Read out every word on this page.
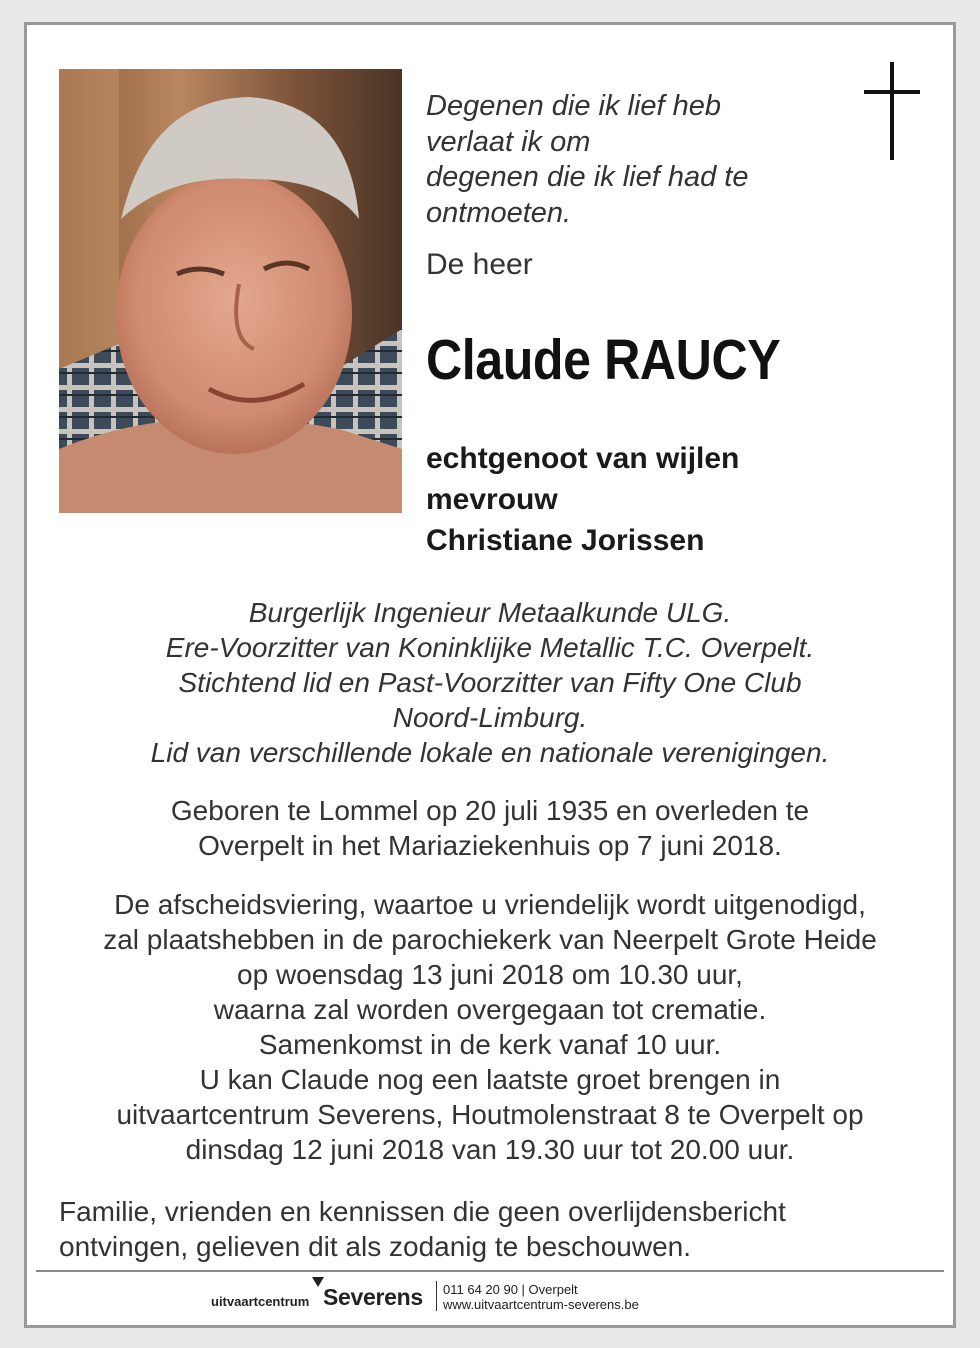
Degenen die ik lief heb
verlaat ik om
degenen die ik lief had te
ontmoeten.
De heer
Claude RAUCY
echtgenoot van wijlen
mevrouw
Christiane Jorissen
Burgerlijk Ingenieur Metaalkunde ULG.
Ere-Voorzitter van Koninklijke Metallic T.C. Overpelt.
Stichtend lid en Past-Voorzitter van Fifty One Club
Noord-Limburg.
Lid van verschillende lokale en nationale verenigingen.
Geboren te Lommel op 20 juli 1935 en overleden te
Overpelt in het Mariaziekenhuis op 7 juni 2018.
De afscheidsviering, waartoe u vriendelijk wordt uitgenodigd,
zal plaatshebben in de parochiekerk van Neerpelt Grote Heide
op woensdag 13 juni 2018 om 10.30 uur,
waarna zal worden overgegaan tot crematie.
Samenkomst in de kerk vanaf 10 uur.
U kan Claude nog een laatste groet brengen in
uitvaartcentrum Severens, Houtmolenstraat 8 te Overpelt op
dinsdag 12 juni 2018 van 19.30 uur tot 20.00 uur.
Familie, vrienden en kennissen die geen overlijdensbericht
ontvingen, gelieven dit als zodanig te beschouwen.
uitvaartcentrum Severens 011 64 20 90 | Overpelt
www.uitvaartcentrum-severens.be
